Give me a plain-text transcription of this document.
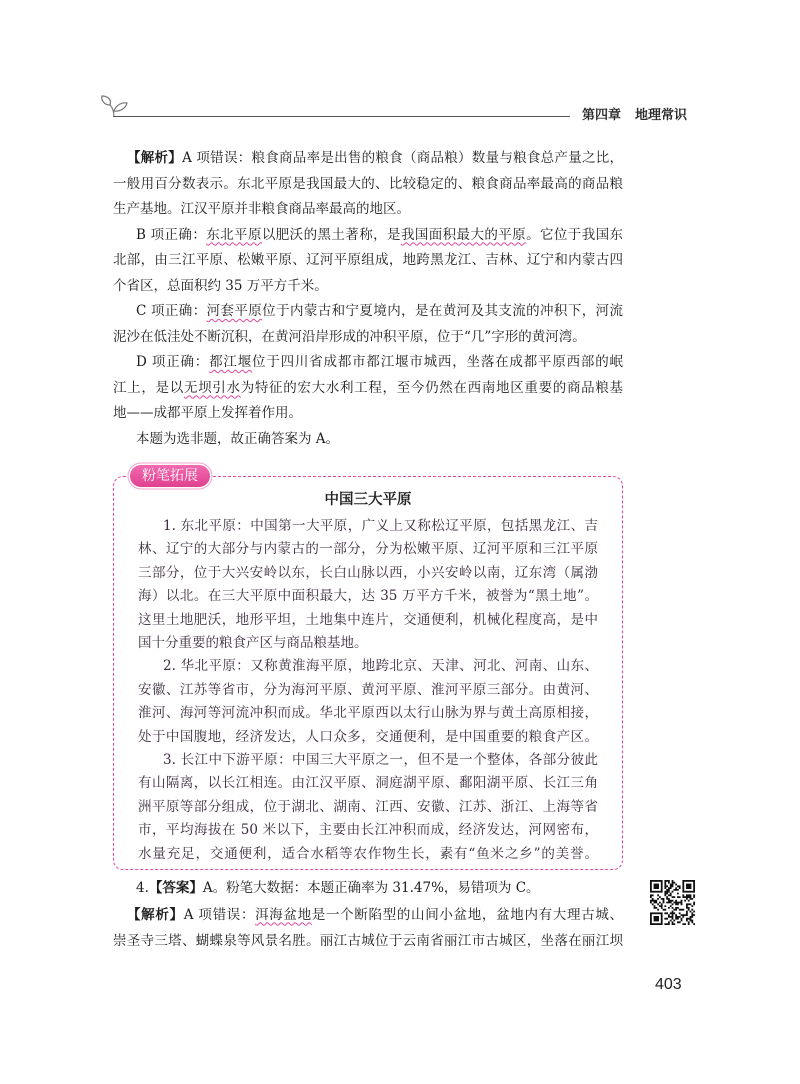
第四章 地理常识
【解析】A 项错误：粮食商品率是出售的粮食（商品粮）数量与粮食总产量之比，
一般用百分数表示。东北平原是我国最大的、比较稳定的、粮食商品率最高的商品粮
生产基地。江汉平原并非粮食商品率最高的地区。
B 项正确：东北平原以肥沃的黑土著称，是我国面积最大的平原。它位于我国东
北部，由三江平原、松嫩平原、辽河平原组成，地跨黑龙江、吉林、辽宁和内蒙古四
个省区，总面积约 35 万平方千米。
C 项正确：河套平原位于内蒙古和宁夏境内，是在黄河及其支流的冲积下，河流
泥沙在低洼处不断沉积，在黄河沿岸形成的冲积平原，位于“几”字形的黄河湾。
D 项正确：都江堰位于四川省成都市都江堰市城西，坐落在成都平原西部的岷
江上，是以无坝引水为特征的宏大水利工程，至今仍然在西南地区重要的商品粮基
地——成都平原上发挥着作用。
本题为选非题，故正确答案为 A。
中国三大平原
1. 东北平原：中国第一大平原，广义上又称松辽平原，包括黑龙江、吉
林、辽宁的大部分与内蒙古的一部分，分为松嫩平原、辽河平原和三江平原
三部分，位于大兴安岭以东，长白山脉以西，小兴安岭以南，辽东湾（属渤
海）以北。在三大平原中面积最大，达 35 万平方千米，被誉为“黑土地”。
这里土地肥沃，地形平坦，土地集中连片，交通便利，机械化程度高，是中
国十分重要的粮食产区与商品粮基地。
2. 华北平原：又称黄淮海平原，地跨北京、天津、河北、河南、山东、
安徽、江苏等省市，分为海河平原、黄河平原、淮河平原三部分。由黄河、
淮河、海河等河流冲积而成。华北平原西以太行山脉为界与黄土高原相接，
处于中国腹地，经济发达，人口众多，交通便利，是中国重要的粮食产区。
3. 长江中下游平原：中国三大平原之一，但不是一个整体，各部分彼此
有山隔离，以长江相连。由江汉平原、洞庭湖平原、鄱阳湖平原、长江三角
洲平原等部分组成，位于湖北、湖南、江西、安徽、江苏、浙江、上海等省
市，平均海拔在 50 米以下，主要由长江冲积而成，经济发达，河网密布，
水量充足，交通便利，适合水稻等农作物生长，素有“鱼米之乡”的美誉。
粉笔拓展
4.【答案】A。粉笔大数据：本题正确率为 31.47%，易错项为 C。
【解析】A 项错误：洱海盆地是一个断陷型的山间小盆地，盆地内有大理古城、
崇圣寺三塔、蝴蝶泉等风景名胜。丽江古城位于云南省丽江市古城区，坐落在丽江坝
403
